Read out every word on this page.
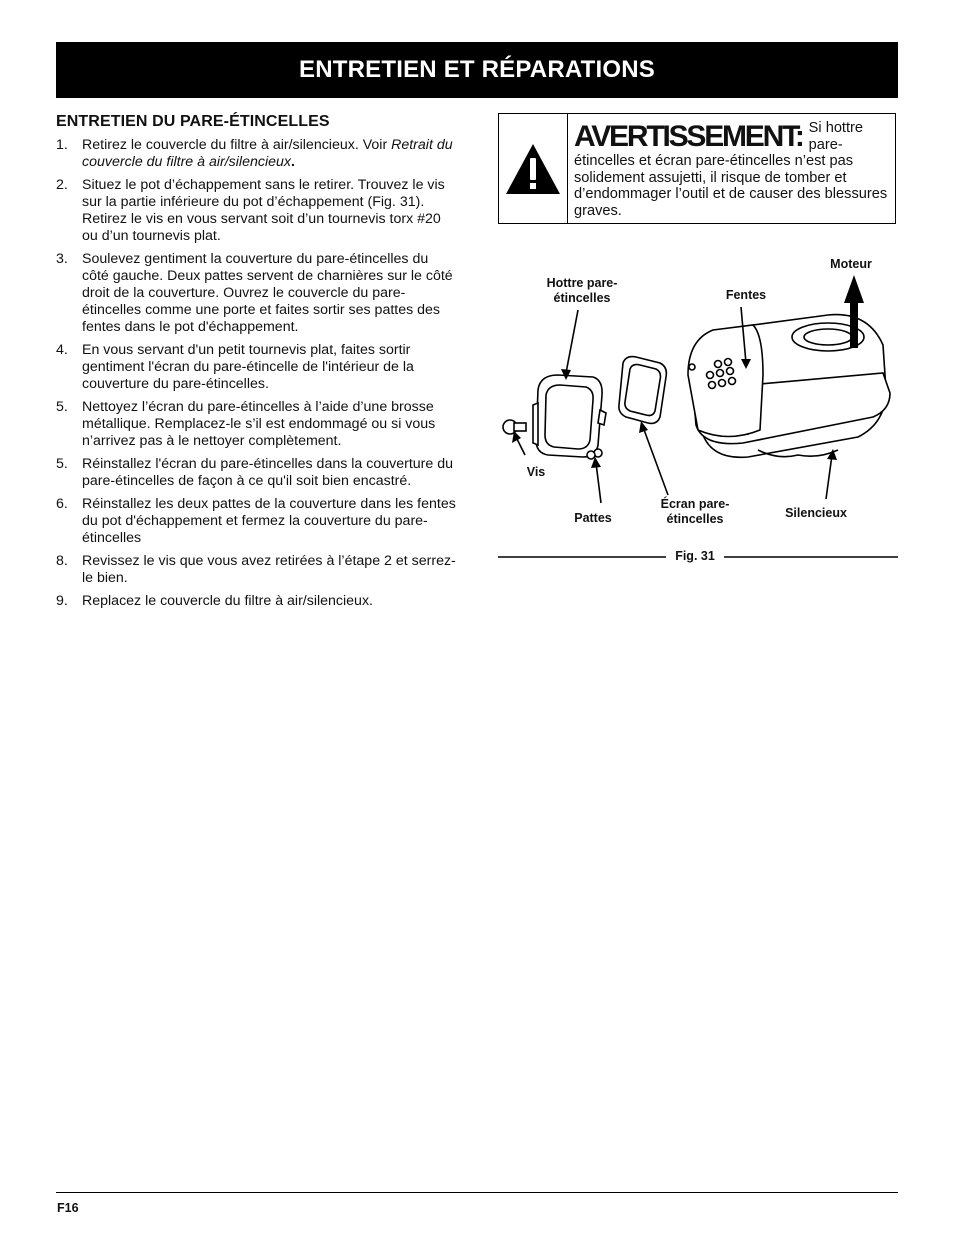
ENTRETIEN ET RÉPARATIONS
ENTRETIEN DU PARE-ÉTINCELLES
1. Retirez le couvercle du filtre à air/silencieux. Voir Retrait du couvercle du filtre à air/silencieux.
2. Situez le pot d’échappement sans le retirer. Trouvez le vis sur la partie inférieure du pot d’échappement (Fig. 31). Retirez le vis en vous servant soit d’un tournevis torx #20 ou d’un tournevis plat.
3. Soulevez gentiment la couverture du pare-étincelles du côté gauche. Deux pattes servent de charnières sur le côté droit de la couverture. Ouvrez le couvercle du pare-étincelles comme une porte et faites sortir ses pattes des fentes dans le pot d'échappement.
4. En vous servant d'un petit tournevis plat, faites sortir gentiment l'écran du pare-étincelle de l'intérieur de la couverture du pare-étincelles.
5. Nettoyez l’écran du pare-étincelles à l’aide d’une brosse métallique. Remplacez-le s’il est endommagé ou si vous n’arrivez pas à le nettoyer complètement.
5. Réinstallez l'écran du pare-étincelles dans la couverture du pare-étincelles de façon à ce qu'il soit bien encastré.
6. Réinstallez les deux pattes de la couverture dans les fentes du pot d'échappement et fermez la couverture du pare-étincelles
8. Revissez le vis que vous avez retirées à l’étape 2 et serrez-le bien.
9. Replacez le couvercle du filtre à air/silencieux.
AVERTISSEMENT: Si hottre pare-étincelles et écran pare-étincelles n’est pas solidement assujetti, il risque de tomber et d’endommager l’outil et de causer des blessures graves.
Hottre pare-étincelles	Fentes
Moteur
Vis
Pattes
Écran pare-étincelles	Silencieux
Fig. 31
F16
